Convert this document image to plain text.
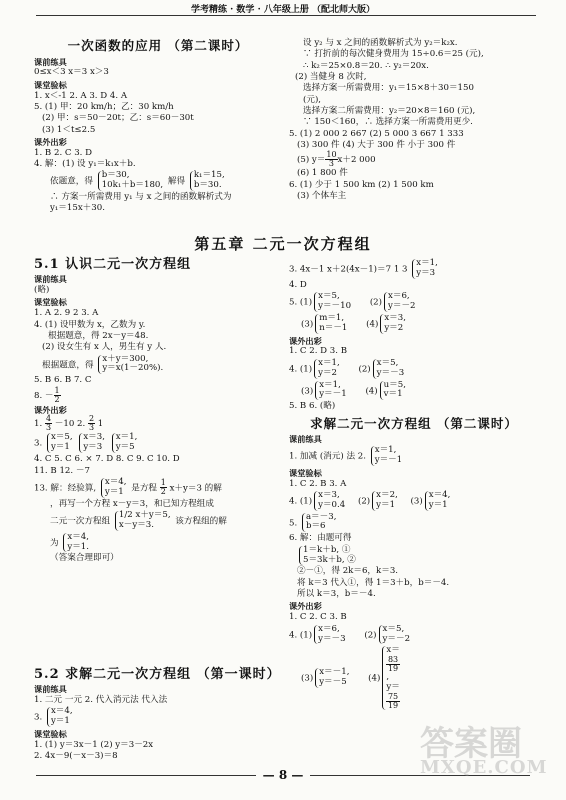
学考精练 · 数学 · 八年级上册 （配北师大版）
一次函数的应用 （第二课时）
课前练具
0≤x＜3 x＝3 x＞3
课堂验标
1. x＜-1 2. A 3. D 4. A
5. (1) 甲：20 km/h；乙：30 km/h
(2) 甲：s＝50－20t；乙：s＝60－30t
(3) 1＜t≤2.5
课外出彩
1. B 2. C 3. D
4. 解：(1) 设 y₁＝k₁x＋b.
依题意，得
b＝30,
10k₁＋b＝180, 解得
k₁＝15,
b＝30.
∴ 方案一所需费用 y₁ 与 x 之间的函数解析式为
y₁＝15x＋30.
设 y₂ 与 x 之间的函数解析式为 y₂＝k₂x.
∵ 打折前的每次健身费用为 15÷0.6＝25 (元),
∴ k₂＝25×0.8＝20. ∴ y₂＝20x.
(2) 当健身 8 次时,
选择方案一所需费用：y₁＝15×8＋30＝150
(元),
选择方案二所需费用：y₂＝20×8＝160 (元),
∵ 150＜160，∴ 选择方案一所需费用更少.
5. (1) 2 000 2 667 (2) 5 000 3 667 1 333
(3) 300 件 (4) 大于 300 件 小于 300 件
(5) $y= \frac{10}{3} x+2$ 000
(6) 1 800 件
6. (1) 少于 1 500 km (2) 1 500 km
(3) 个体车主
第五章 二元一次方程组
5.1 认识二元一次方程组
课前练具
(略)
课堂验标
1. A 2. 9 2 3. A
4. (1) 设甲数为 x，乙数为 y.
根据题意，得 2x－y＝48.
(2) 设女生有 x 人，男生有 y 人.
根据题意，得
x＋y＝300,
y＝x(1－20%).
5. B 6. B 7. C
8. － $\frac{1}{2}$
课外出彩
1. $\frac{4}{3} -10$ 2. $\frac{2}{3} 1$
3.
x＝5,
y＝1

x＝3,
y＝3

x＝1,
y＝5
4. C 5. C 6. × 7. D 8. C 9. C 10. D
11. B 12. －7
13. 解：经验算,
x＝4,
y＝1 是方程 $\frac{1}{2} x+y=3$ 的解
，再写一个方程 x－y＝3，和已知方程组成
二元一次方程组
1/2 x＋y＝5,
x－y＝3.	该方程组的解
为
x＝4,
y＝1.
（答案合理即可）
5.2 求解二元一次方程组 （第一课时）
课前练具
1. 二元 一元 2. 代入消元法 代入法
3.
x＝4,
y＝1
课堂验标
1. (1) y＝3x－1 (2) y＝3－2x
2. 4x－9(－x－3)＝8
3. 4x－1 x＋2(4x－1)＝7 1 3
x＝1,
y＝3
4. D
5. (1)
x＝5,
y＝－10 (2)
x＝6,
y＝－2
(3)
m＝1,
n＝－1 (4)
x＝3,
y＝2
课外出彩
1. C 2. D 3. B
4. (1)
x＝1,
y＝2	(2)
x＝5,
y＝－3
(3)
x＝1,
y＝－1 (4)
u＝5,
v＝1
5. B 6. (略)
求解二元一次方程组 （第二课时）
课前练具
1. 加减 (消元) 法 2.
x＝1,
y＝－1
课堂验标
1. C 2. B 3. A
4. (1)
x＝3,
y＝0.4 (2)
x＝2,
y＝1	(3)
x＝4,
y＝1
5.
a＝－3,
b＝6
6. 解：由题可得
1＝k＋b, ①
5＝3k＋b, ②
②－①，得 2k＝6，k＝3.
将 k＝3 代入①，得 1＝3＋b，b＝－4.
所以 k＝3，b＝－4.
课外出彩
1. C 2. C 3. B
4. (1)
x＝6,
y＝－3 (2)
x＝5,
y＝－2
(3)
x＝－1,
y＝－5	(4)
x＝
83
19
,
y＝
75
19
— 8 —
答案圈
MXQE.COM
